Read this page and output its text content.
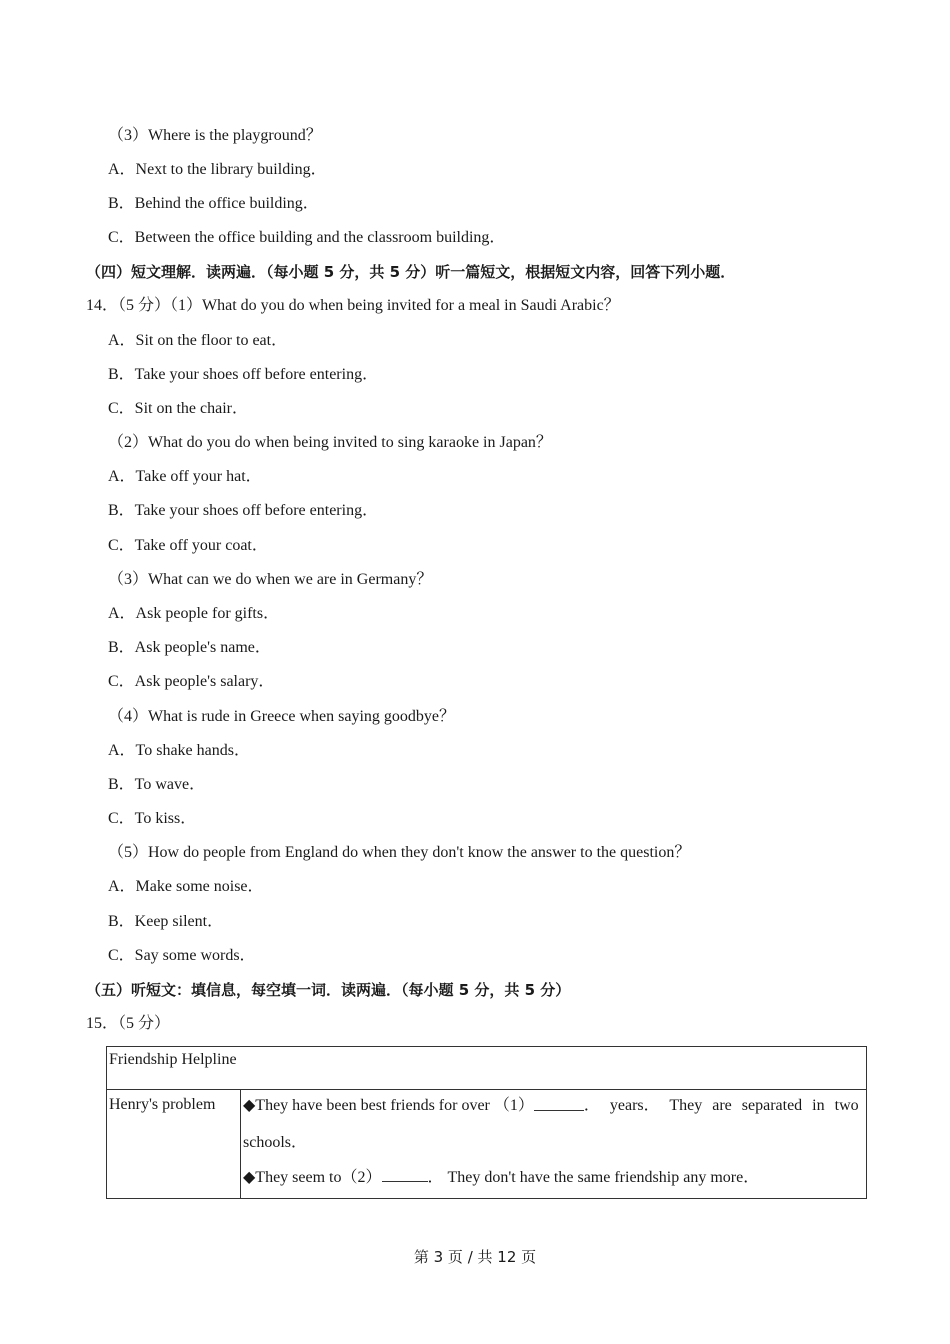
（3）Where is the playground？
A．Next to the library building．
B．Behind the office building．
C．Between the office building and the classroom building．
（四）短文理解．读两遍．（每小题 5 分，共 5 分）听一篇短文，根据短文内容，回答下列小题．
14．（5 分）（1）What do you do when being invited for a meal in Saudi Arabic？
A．Sit on the floor to eat．
B．Take your shoes off before entering．
C．Sit on the chair．
（2）What do you do when being invited to sing karaoke in Japan？
A．Take off your hat．
B．Take your shoes off before entering．
C．Take off your coat．
（3）What can we do when we are in Germany？
A．Ask people for gifts．
B．Ask people's name．
C．Ask people's salary．
（4）What is rude in Greece when saying goodbye？
A．To shake hands．
B．To wave．
C．To kiss．
（5）How do people from England do when they don't know the answer to the question？
A．Make some noise．
B．Keep silent．
C．Say some words．
（五）听短文：填信息，每空填一词．读两遍．（每小题 5 分，共 5 分）
15．（5 分）
Friendship Helpline
Henry's problem	◆They have been best friends for over （1）	． years． They are separated in two
schools．
◆They seem to（2）	． They don't have the same friendship any more．
第 3 页 / 共 12 页
